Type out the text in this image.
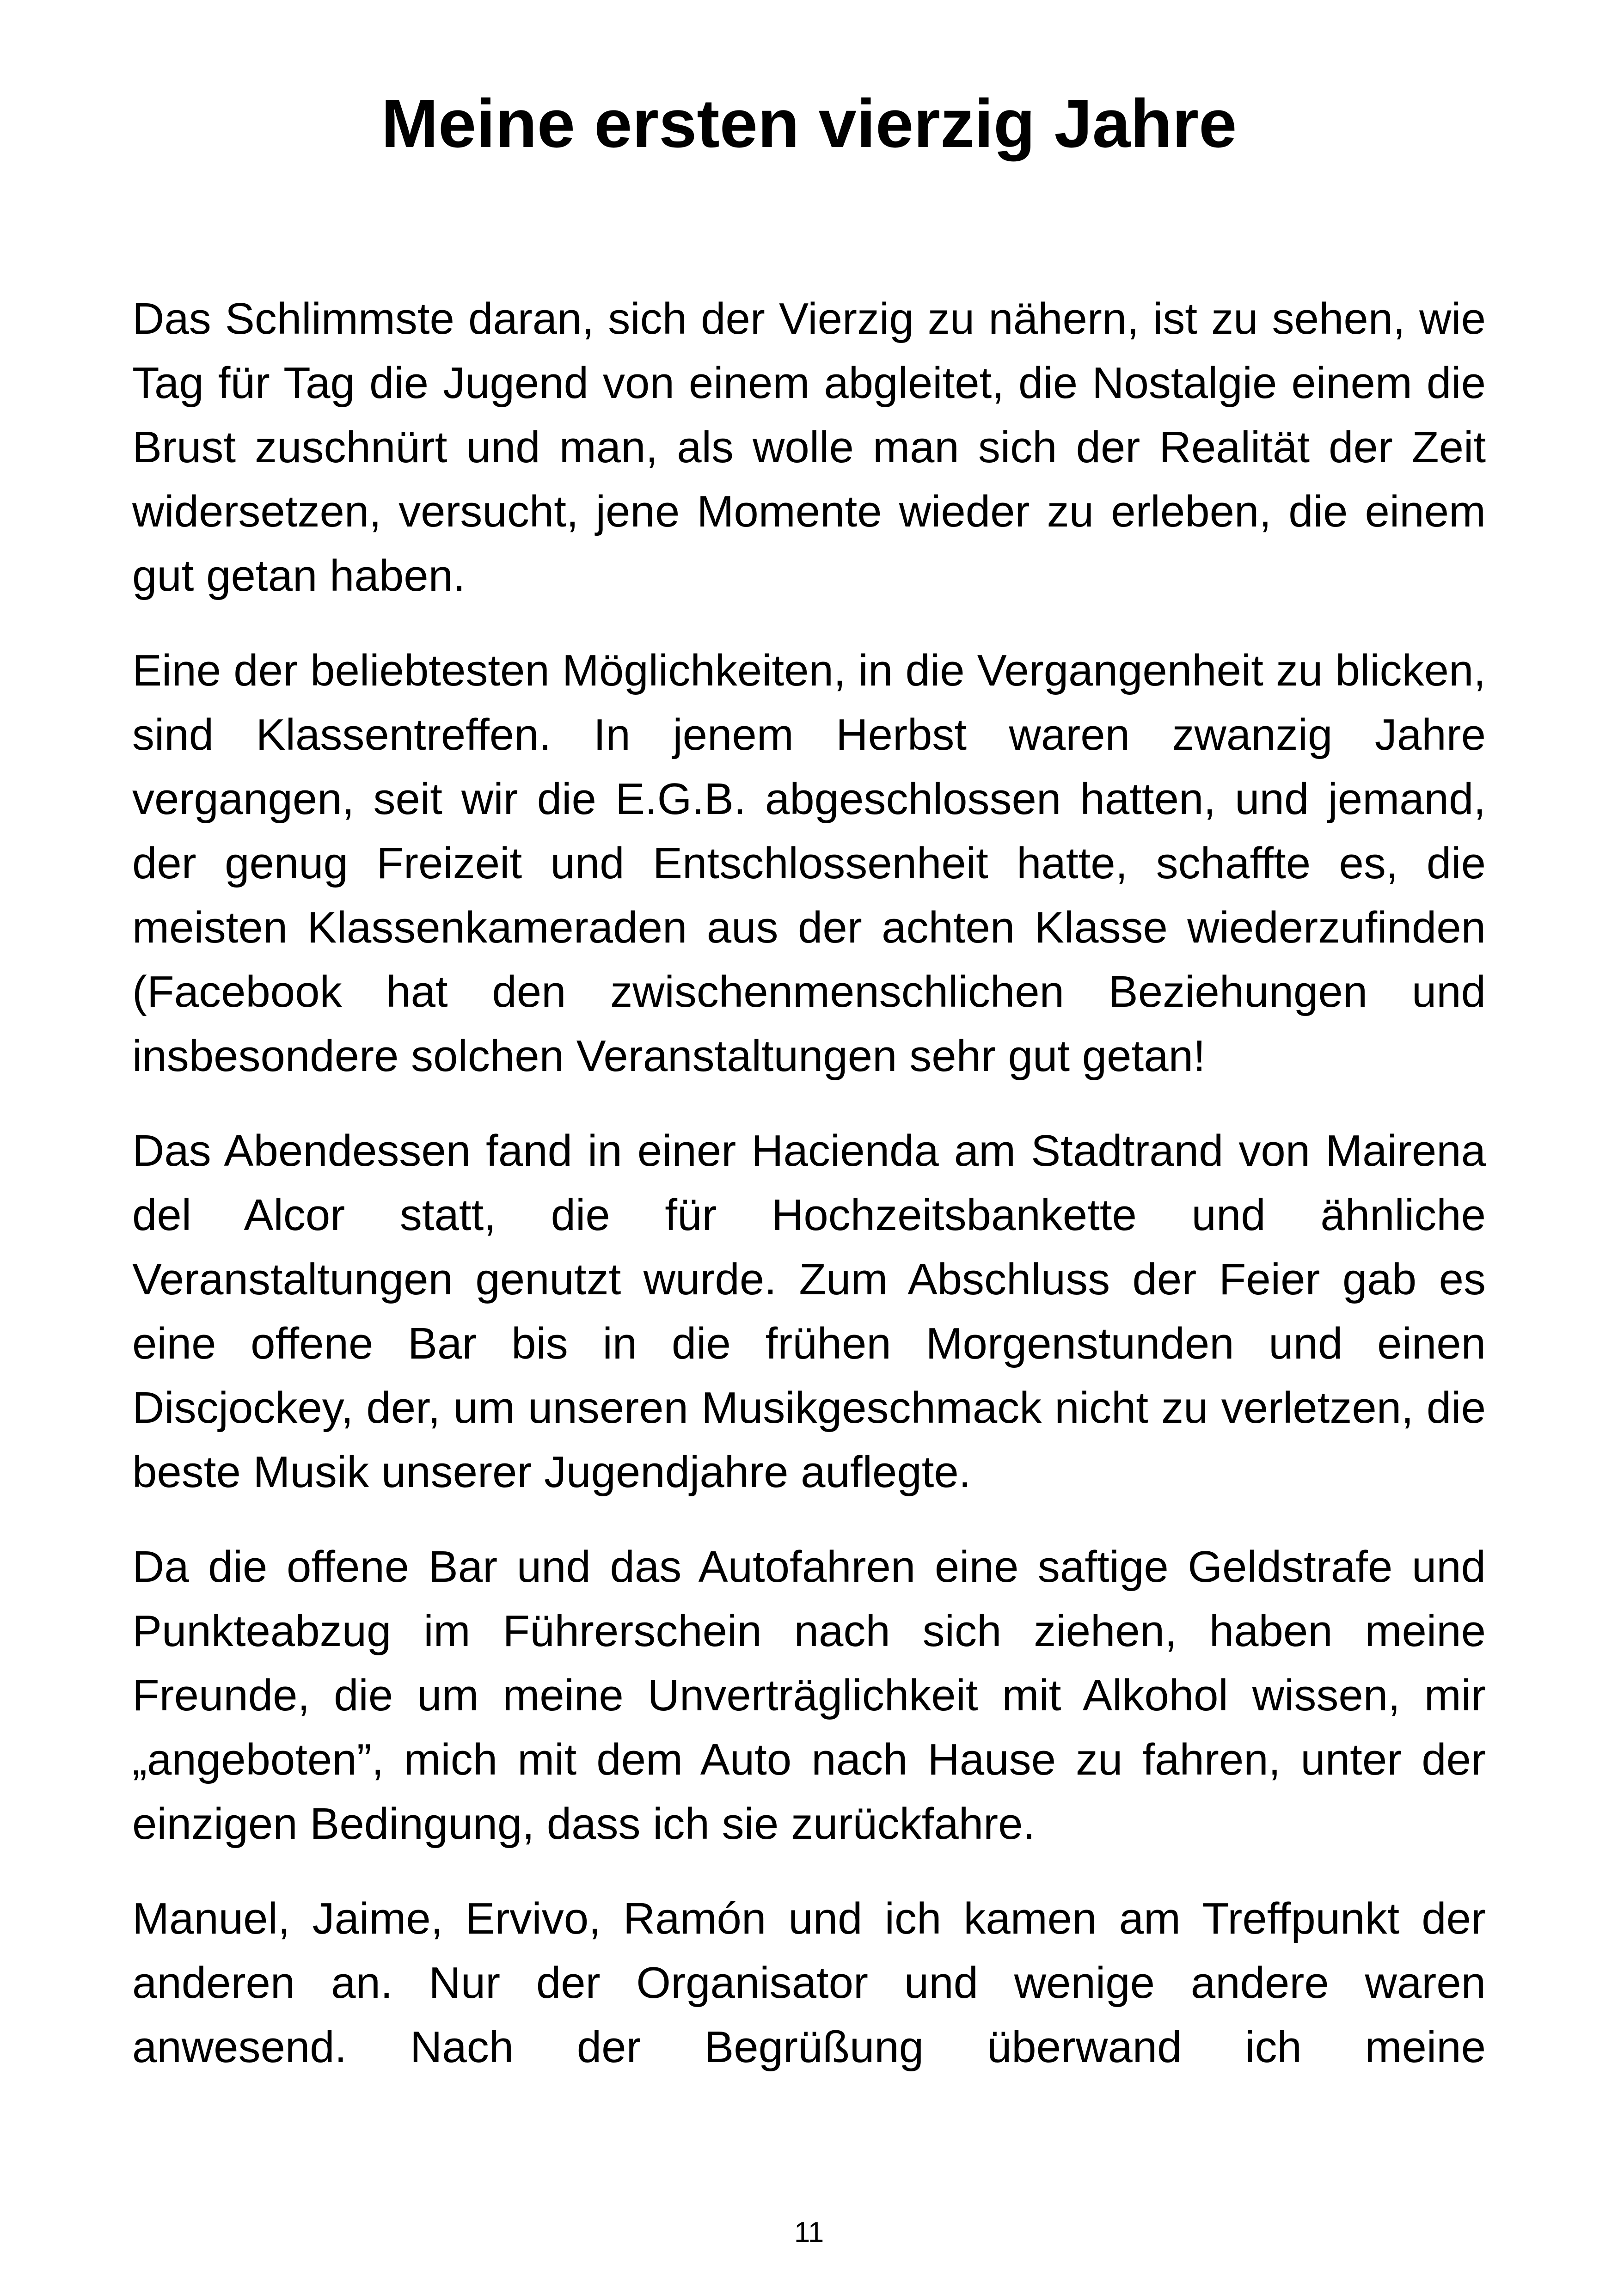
Meine ersten vierzig Jahre

Das Schlimmste daran, sich der Vierzig zu nähern, ist zu sehen, wie Tag für Tag die Jugend von einem abgleitet, die Nostalgie einem die Brust zuschnürt und man, als wolle man sich der Realität der Zeit widersetzen, versucht, jene Momente wieder zu erleben, die einem gut getan haben.

Eine der beliebtesten Möglichkeiten, in die Vergangenheit zu blicken, sind Klassentreffen. In jenem Herbst waren zwanzig Jahre vergangen, seit wir die E.G.B. abgeschlossen hatten, und jemand, der genug Freizeit und Entschlossenheit hatte, schaffte es, die meisten Klassenkameraden aus der achten Klasse wiederzufinden (Facebook hat den zwischenmenschlichen Beziehungen und insbesondere solchen Veranstaltungen sehr gut getan!

Das Abendessen fand in einer Hacienda am Stadtrand von Mairena del Alcor statt, die für Hochzeitsbankette und ähnliche Veranstaltungen genutzt wurde. Zum Abschluss der Feier gab es eine offene Bar bis in die frühen Morgenstunden und einen Discjockey, der, um unseren Musikgeschmack nicht zu verletzen, die beste Musik unserer Jugendjahre auflegte.

Da die offene Bar und das Autofahren eine saftige Geldstrafe und Punkteabzug im Führerschein nach sich ziehen, haben meine Freunde, die um meine Unverträglichkeit mit Alkohol wissen, mir „angeboten”, mich mit dem Auto nach Hause zu fahren, unter der einzigen Bedingung, dass ich sie zurückfahre.

Manuel, Jaime, Ervivo, Ramón und ich kamen am Treffpunkt der anderen an. Nur der Organisator und wenige andere waren anwesend. Nach der Begrüßung überwand ich meine

11
